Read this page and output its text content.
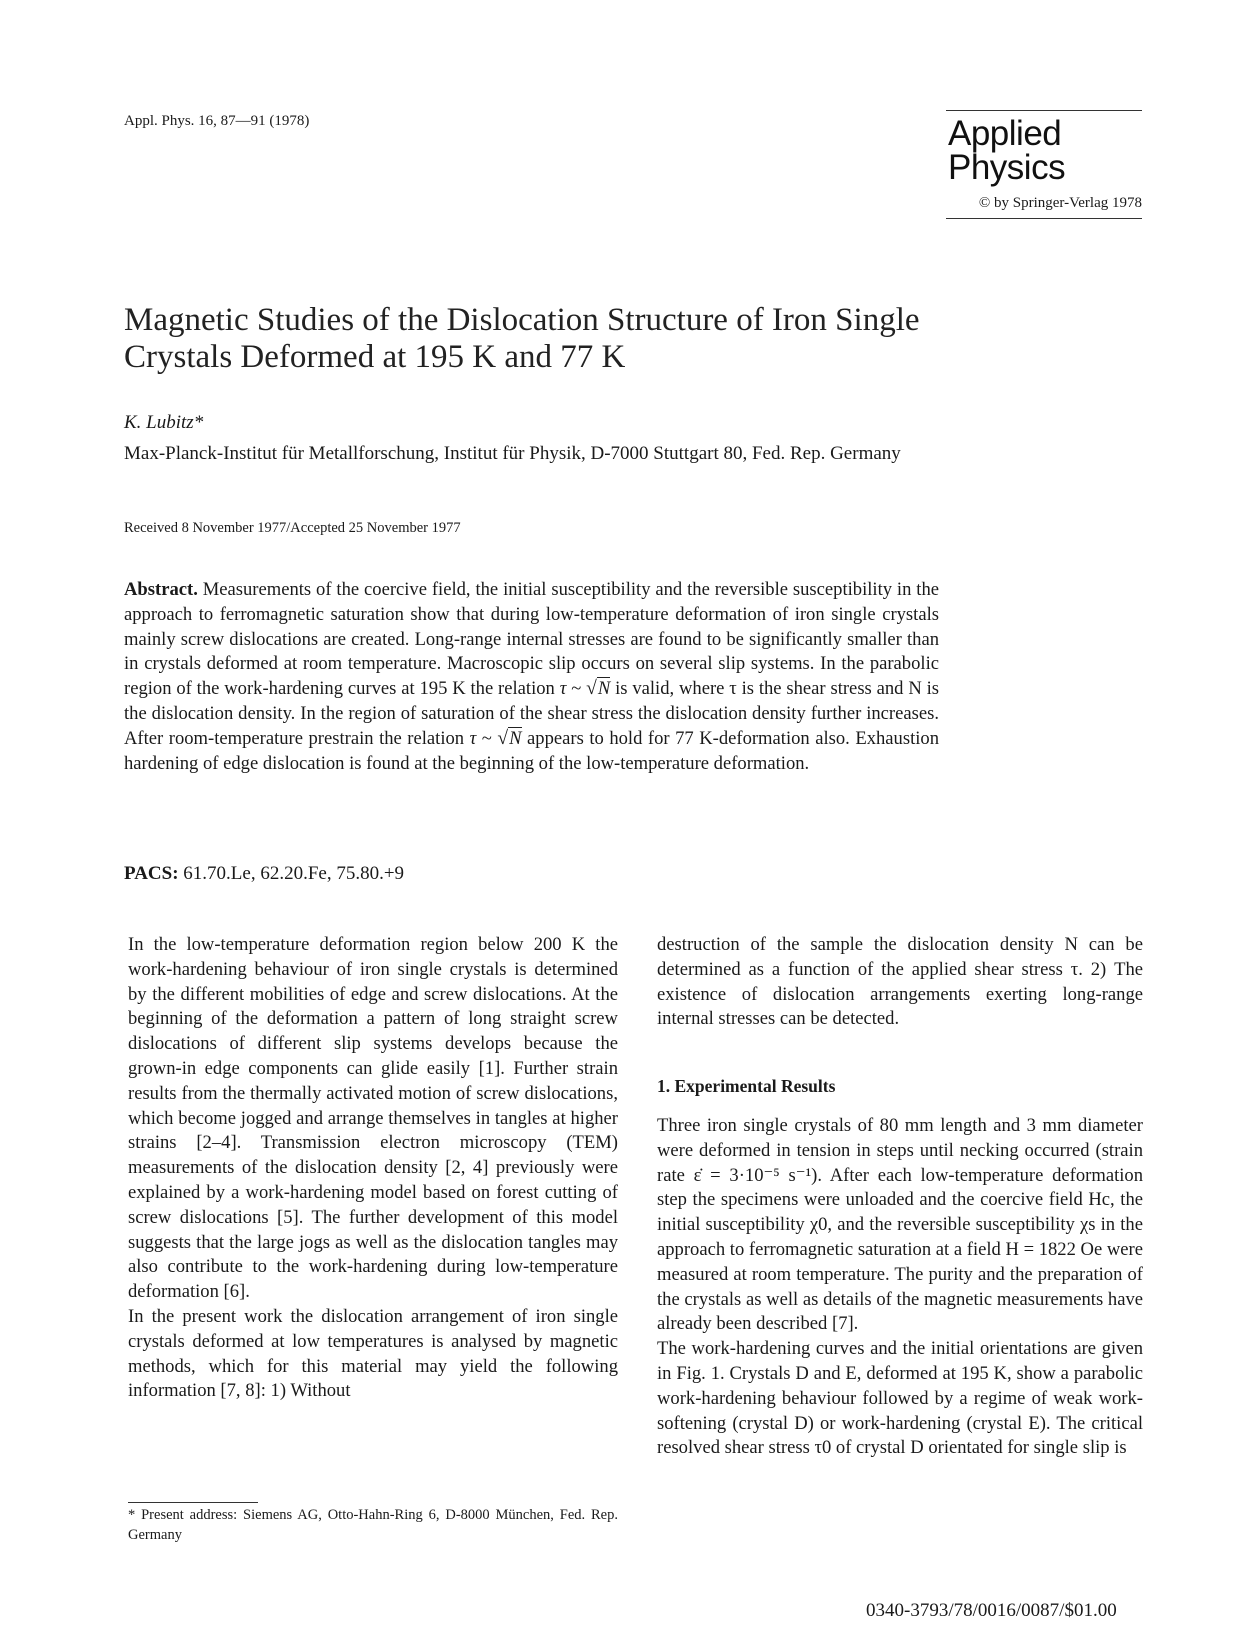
Appl. Phys. 16, 87—91 (1978)	Applied
Physics
© by Springer-Verlag 1978
Magnetic Studies of the Dislocation Structure of Iron Single Crystals Deformed at 195 K and 77 K
K. Lubitz*
Max-Planck-Institut für Metallforschung, Institut für Physik, D-7000 Stuttgart 80, Fed. Rep. Germany
Received 8 November 1977/Accepted 25 November 1977
Abstract. Measurements of the coercive field, the initial susceptibility and the reversible susceptibility in the approach to ferromagnetic saturation show that during low-temperature deformation of iron single crystals mainly screw dislocations are created. Long-range internal stresses are found to be significantly smaller than in crystals deformed at room temperature. Macroscopic slip occurs on several slip systems. In the parabolic region of the work-hardening curves at 195 K the relation τ ~ √N is valid, where τ is the shear stress and N is the dislocation density. In the region of saturation of the shear stress the dislocation density further increases. After room-temperature prestrain the relation τ ~ √N appears to hold for 77 K-deformation also. Exhaustion hardening of edge dislocation is found at the beginning of the low-temperature deformation.
PACS: 61.70.Le, 62.20.Fe, 75.80.+9

In the low-temperature deformation region below 200 K the work-hardening behaviour of iron single crystals is determined by the different mobilities of edge and screw dislocations. At the beginning of the deformation a pattern of long straight screw dislocations of different slip systems develops because the grown-in edge components can glide easily [1]. Further strain results from the thermally activated motion of screw dislocations, which become jogged and arrange themselves in tangles at higher strains [2–4]. Transmission electron microscopy (TEM) measurements of the dislocation density [2, 4] previously were explained by a work-hardening model based on forest cutting of screw dislocations [5]. The further development of this model suggests that the large jogs as well as the dislocation tangles may also contribute to the work-hardening during low-temperature deformation [6].

In the present work the dislocation arrangement of iron single crystals deformed at low temperatures is analysed by magnetic methods, which for this material may yield the following information [7, 8]: 1) Without

destruction of the sample the dislocation density N can be determined as a function of the applied shear stress τ. 2) The existence of dislocation arrangements exerting long-range internal stresses can be detected.

1. Experimental Results

Three iron single crystals of 80 mm length and 3 mm diameter were deformed in tension in steps until necking occurred (strain rate ε̇ = 3·10⁻⁵ s⁻¹). After each low-temperature deformation step the specimens were unloaded and the coercive field Hc, the initial susceptibility χ0, and the reversible susceptibility χs in the approach to ferromagnetic saturation at a field H = 1822 Oe were measured at room temperature. The purity and the preparation of the crystals as well as details of the magnetic measurements have already been described [7].

The work-hardening curves and the initial orientations are given in Fig. 1. Crystals D and E, deformed at 195 K, show a parabolic work-hardening behaviour followed by a regime of weak work-softening (crystal D) or work-hardening (crystal E). The critical resolved shear stress τ0 of crystal D orientated for single slip is

* Present address: Siemens AG, Otto-Hahn-Ring 6, D-8000 München, Fed. Rep. Germany
0340-3793/78/0016/0087/$01.00
